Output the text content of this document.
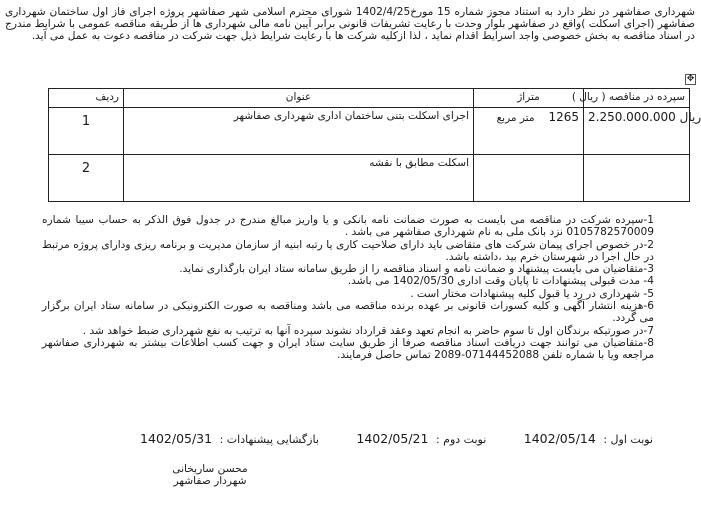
شهرداری صفاشهر در نظر دارد به استناد مجوز شماره 15 مورخ1402/4/25 شورای محترم اسلامی شهر صفاشهر پروژه اجرای فاز اول ساختمان شهرداری صفاشهر (اجرای اسکلت )واقع در صفاشهر بلوار وحدت با رعایت تشریفات قانونی برابر آیین نامه مالی شهرداری ها از طریقه مناقصه عمومی با شرایط مندرج در اسناد مناقصه به بخش خصوصی واجد اسرایط اقدام نماید ، لذا ازکلیه شرکت ها با رعایت شرایط ذیل جهت شرکت در مناقصه دعوت به عمل می آید.
✥
سپرده در مناقصه ( ریال )	متراژ	عنوان	ردیف

2.250.000.000 ریال	1265متر مربع	اجرای اسکلت بتنی ساختمان اداری شهرداری صفاشهر	1
		اسکلت مطابق با نقشه	2

1-سپرده شرکت در مناقصه می بایست به صورت ضمانت نامه بانکی و یا واریز مبالغ مندرج در جدول فوق الذکر به حساب سیبا شماره 0105782570009 نزد بانک ملی به نام شهرداری صفاشهر می باشد .

2-در خصوص اجرای پیمان شرکت های متقاضی باید دارای صلاحیت کاری یا رتبه ابنیه از سازمان مدیریت و برنامه ریزی ودارای پروژه مرتبط در حال اجرا در شهرستان خرم بید ،داشته باشد.

3-متقاضیان می بایست پیشنهاد و ضمانت نامه و اسناد مناقصه را از طریق سامانه ستاد ایران بارگذاری نماید.

4- مدت قبولی پیشنهادات تا پایان وقت اداری 1402/05/30 می باشد.

5- شهرداری در رد یا قبول کلیه پیشنهادات مختار است .

6-هزینه انتشار آگهی و کلیه کسورات قانونی بر عهده برنده مناقصه می باشد ومناقصه به صورت الکترونیکی در سامانه ستاد ایران برگزار می گردد.

7-در صورتیکه برندگان اول تا سوم حاضر به انجام تعهد وعقد قرارداد نشوند سپرده آنها به ترتیب به نفع شهرداری ضبط خواهد شد .

8-متقاضیان می توانند جهت دریافت اسناد مناقصه صرفا از طریق سایت ستاد ایران و جهت کسب اطلاعات بیشتر به شهرداری صفاشهر مراجعه ویا با شماره تلفن 07144452088-2089 تماس حاصل فرمایند.

نوبت اول : 1402/05/14 نوبت دوم : 1402/05/21 بازگشایی پیشنهادات : 1402/05/31
محسن ساریخانی
شهردار صفاشهر
